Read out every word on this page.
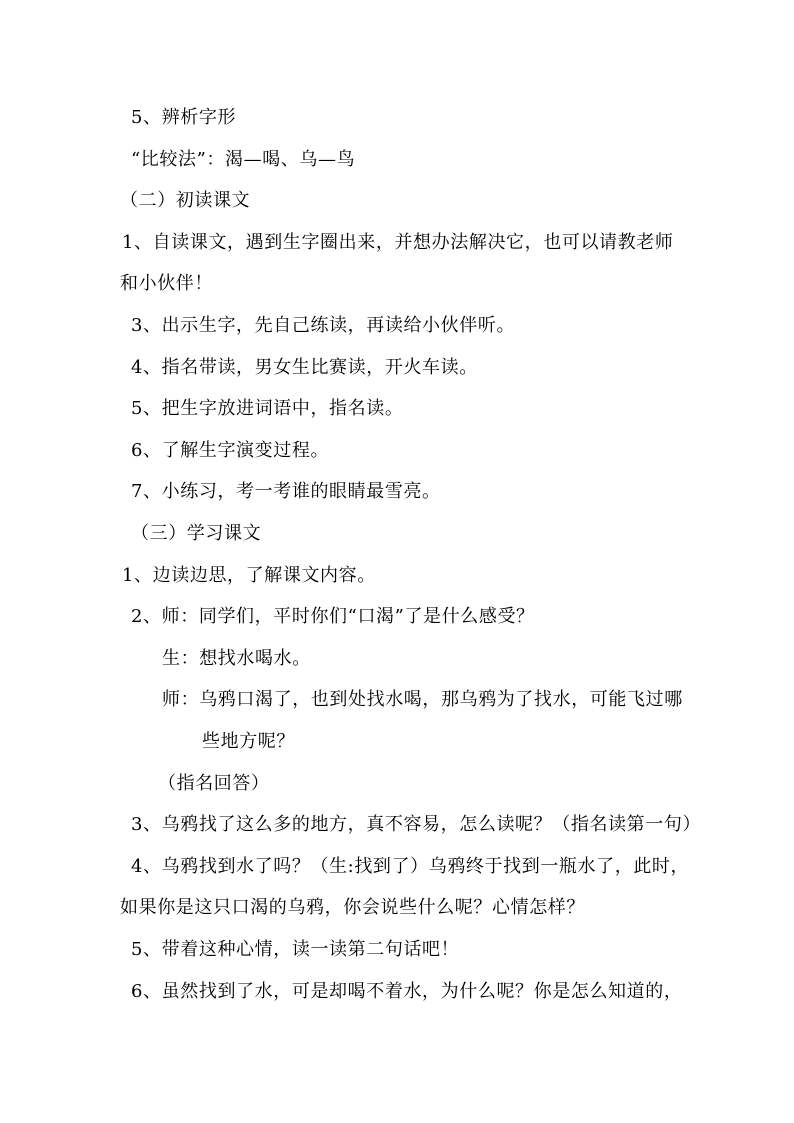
5、辨析字形
“比较法”：渴—喝、乌—鸟
（二）初读课文
1、自读课文，遇到生字圈出来，并想办法解决它，也可以请教老师
和小伙伴！
3、出示生字，先自己练读，再读给小伙伴听。
4、指名带读，男女生比赛读，开火车读。
5、把生字放进词语中，指名读。
6、了解生字演变过程。
7、小练习，考一考谁的眼睛最雪亮。
（三）学习课文
1、边读边思，了解课文内容。
2、师：同学们，平时你们“口渴”了是什么感受？
生：想找水喝水。
师：乌鸦口渴了，也到处找水喝，那乌鸦为了找水，可能飞过哪
些地方呢？
（指名回答）
3、乌鸦找了这么多的地方，真不容易，怎么读呢？（指名读第一句）
4、乌鸦找到水了吗？（生:找到了）乌鸦终于找到一瓶水了，此时，
如果你是这只口渴的乌鸦，你会说些什么呢？心情怎样？
5、带着这种心情，读一读第二句话吧！
6、虽然找到了水，可是却喝不着水，为什么呢？你是怎么知道的，
